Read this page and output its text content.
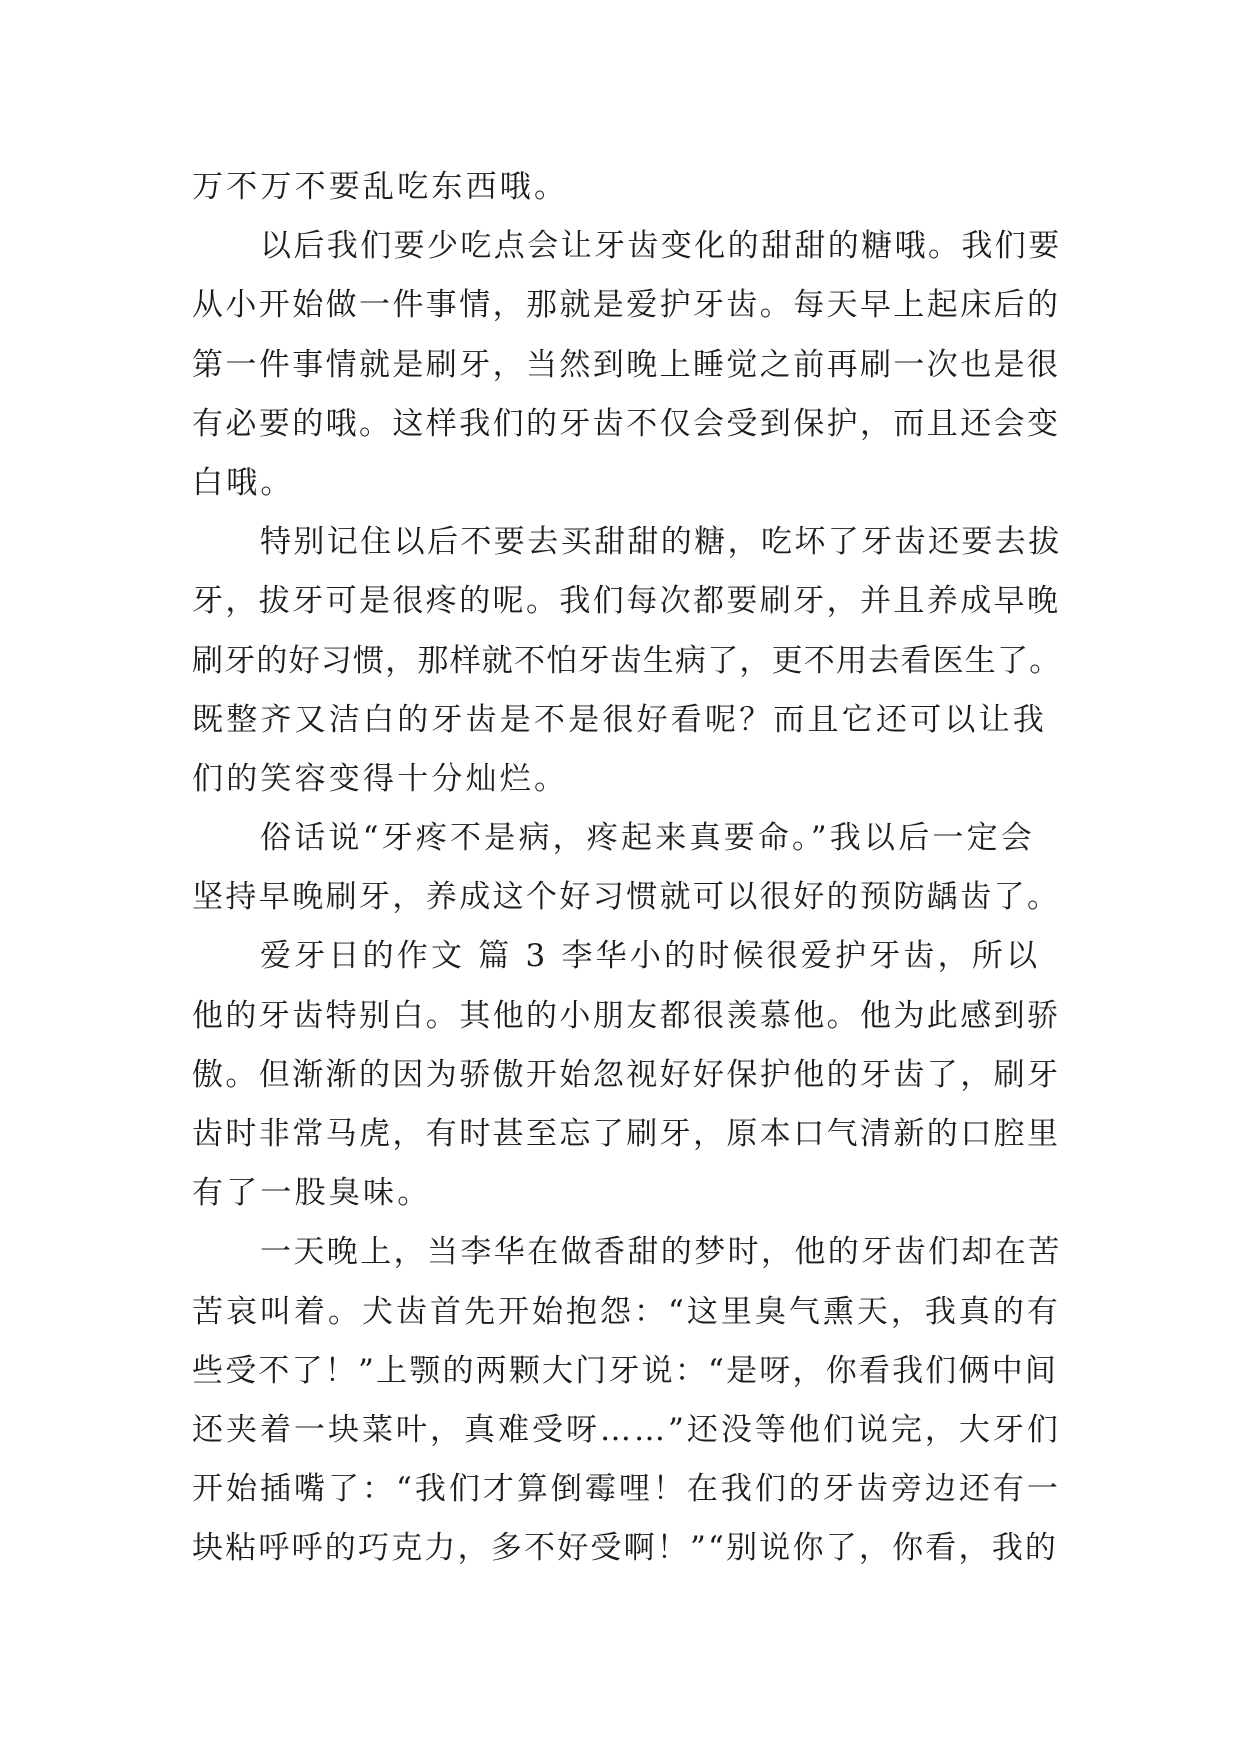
万不万不要乱吃东西哦。
以后我们要少吃点会让牙齿变化的甜甜的糖哦。我们要
从小开始做一件事情，那就是爱护牙齿。每天早上起床后的
第一件事情就是刷牙，当然到晚上睡觉之前再刷一次也是很
有必要的哦。这样我们的牙齿不仅会受到保护，而且还会变
白哦。
特别记住以后不要去买甜甜的糖，吃坏了牙齿还要去拔
牙，拔牙可是很疼的呢。我们每次都要刷牙，并且养成早晚
刷牙的好习惯，那样就不怕牙齿生病了，更不用去看医生了。
既整齐又洁白的牙齿是不是很好看呢？而且它还可以让我
们的笑容变得十分灿烂。
俗话说“牙疼不是病，疼起来真要命。”我以后一定会
坚持早晚刷牙，养成这个好习惯就可以很好的预防龋齿了。
爱牙日的作文 篇 3 李华小的时候很爱护牙齿，所以
他的牙齿特别白。其他的小朋友都很羡慕他。他为此感到骄
傲。但渐渐的因为骄傲开始忽视好好保护他的牙齿了，刷牙
齿时非常马虎，有时甚至忘了刷牙，原本口气清新的口腔里
有了一股臭味。
一天晚上，当李华在做香甜的梦时，他的牙齿们却在苦
苦哀叫着。犬齿首先开始抱怨：“这里臭气熏天，我真的有
些受不了！”上颚的两颗大门牙说：“是呀，你看我们俩中间
还夹着一块菜叶，真难受呀……”还没等他们说完，大牙们
开始插嘴了：“我们才算倒霉哩！在我们的牙齿旁边还有一
块粘呼呼的巧克力，多不好受啊！”“别说你了，你看，我的
